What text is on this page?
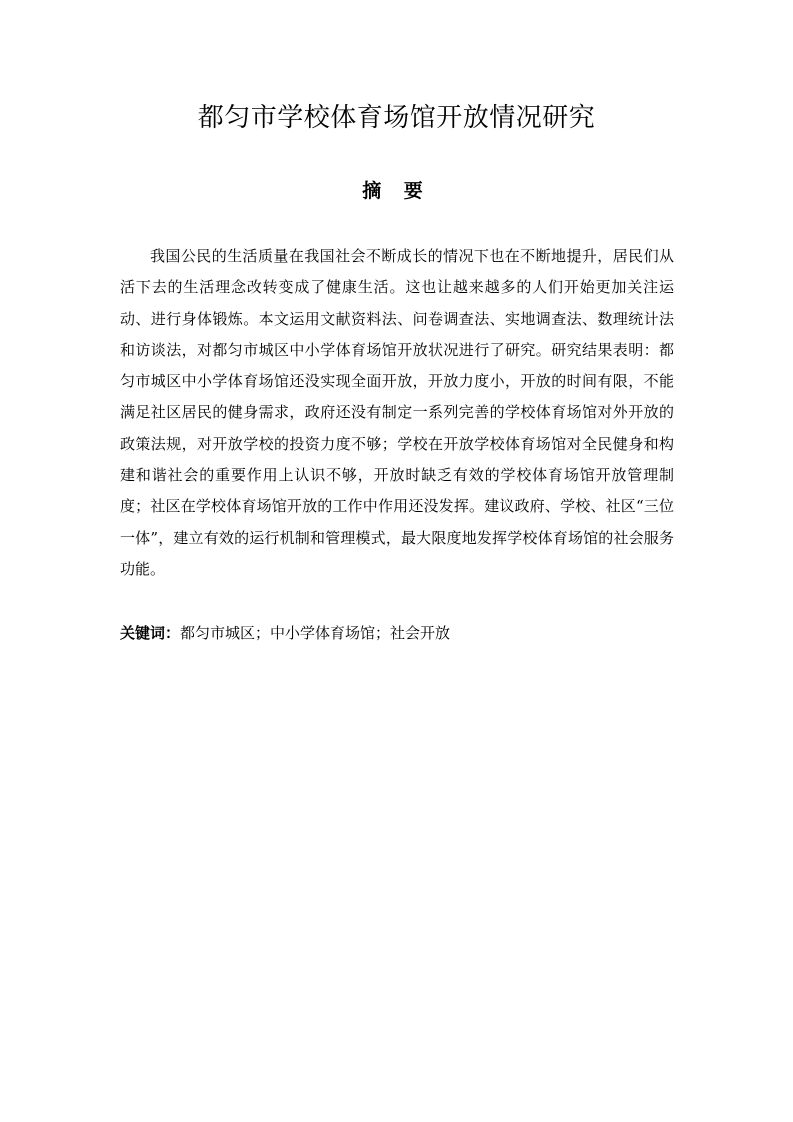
都匀市学校体育场馆开放情况研究
摘 要

我国公民的生活质量在我国社会不断成长的情况下也在不断地提升，居民们从活下去的生活理念改转变成了健康生活。这也让越来越多的人们开始更加关注运动、进行身体锻炼。本文运用文献资料法、问卷调查法、实地调查法、数理统计法和访谈法，对都匀市城区中小学体育场馆开放状况进行了研究。研究结果表明：都匀市城区中小学体育场馆还没实现全面开放，开放力度小，开放的时间有限，不能满足社区居民的健身需求，政府还没有制定一系列完善的学校体育场馆对外开放的政策法规，对开放学校的投资力度不够；学校在开放学校体育场馆对全民健身和构建和谐社会的重要作用上认识不够，开放时缺乏有效的学校体育场馆开放管理制度；社区在学校体育场馆开放的工作中作用还没发挥。建议政府、学校、社区“三位一体”，建立有效的运行机制和管理模式，最大限度地发挥学校体育场馆的社会服务功能。

关键词：都匀市城区；中小学体育场馆；社会开放
